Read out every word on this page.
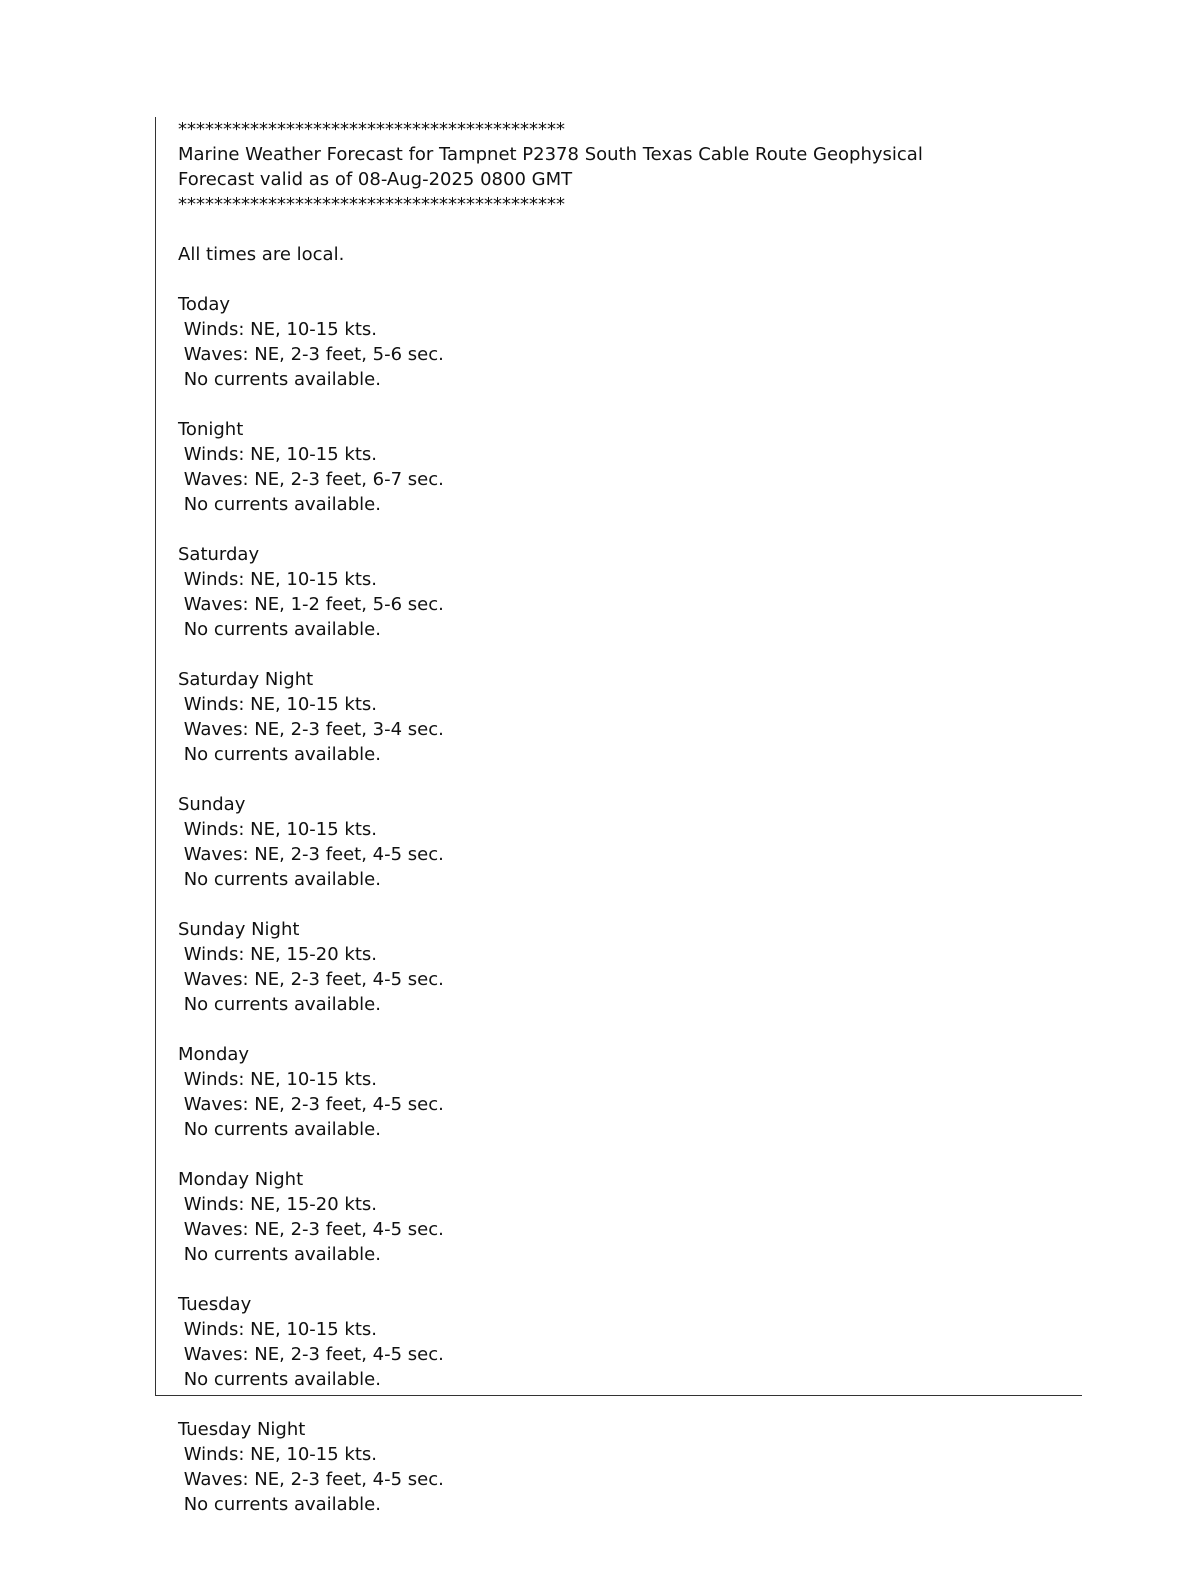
*******************************************
Marine Weather Forecast for Tampnet P2378 South Texas Cable Route Geophysical
Forecast valid as of 08-Aug-2025 0800 GMT
*******************************************
All times are local.
Today
Winds: NE, 10-15 kts.
Waves: NE, 2-3 feet, 5-6 sec.
No currents available.
Tonight
Winds: NE, 10-15 kts.
Waves: NE, 2-3 feet, 6-7 sec.
No currents available.
Saturday
Winds: NE, 10-15 kts.
Waves: NE, 1-2 feet, 5-6 sec.
No currents available.
Saturday Night
Winds: NE, 10-15 kts.
Waves: NE, 2-3 feet, 3-4 sec.
No currents available.
Sunday
Winds: NE, 10-15 kts.
Waves: NE, 2-3 feet, 4-5 sec.
No currents available.
Sunday Night
Winds: NE, 15-20 kts.
Waves: NE, 2-3 feet, 4-5 sec.
No currents available.
Monday
Winds: NE, 10-15 kts.
Waves: NE, 2-3 feet, 4-5 sec.
No currents available.
Monday Night
Winds: NE, 15-20 kts.
Waves: NE, 2-3 feet, 4-5 sec.
No currents available.
Tuesday
Winds: NE, 10-15 kts.
Waves: NE, 2-3 feet, 4-5 sec.
No currents available.
Tuesday Night
Winds: NE, 10-15 kts.
Waves: NE, 2-3 feet, 4-5 sec.
No currents available.
